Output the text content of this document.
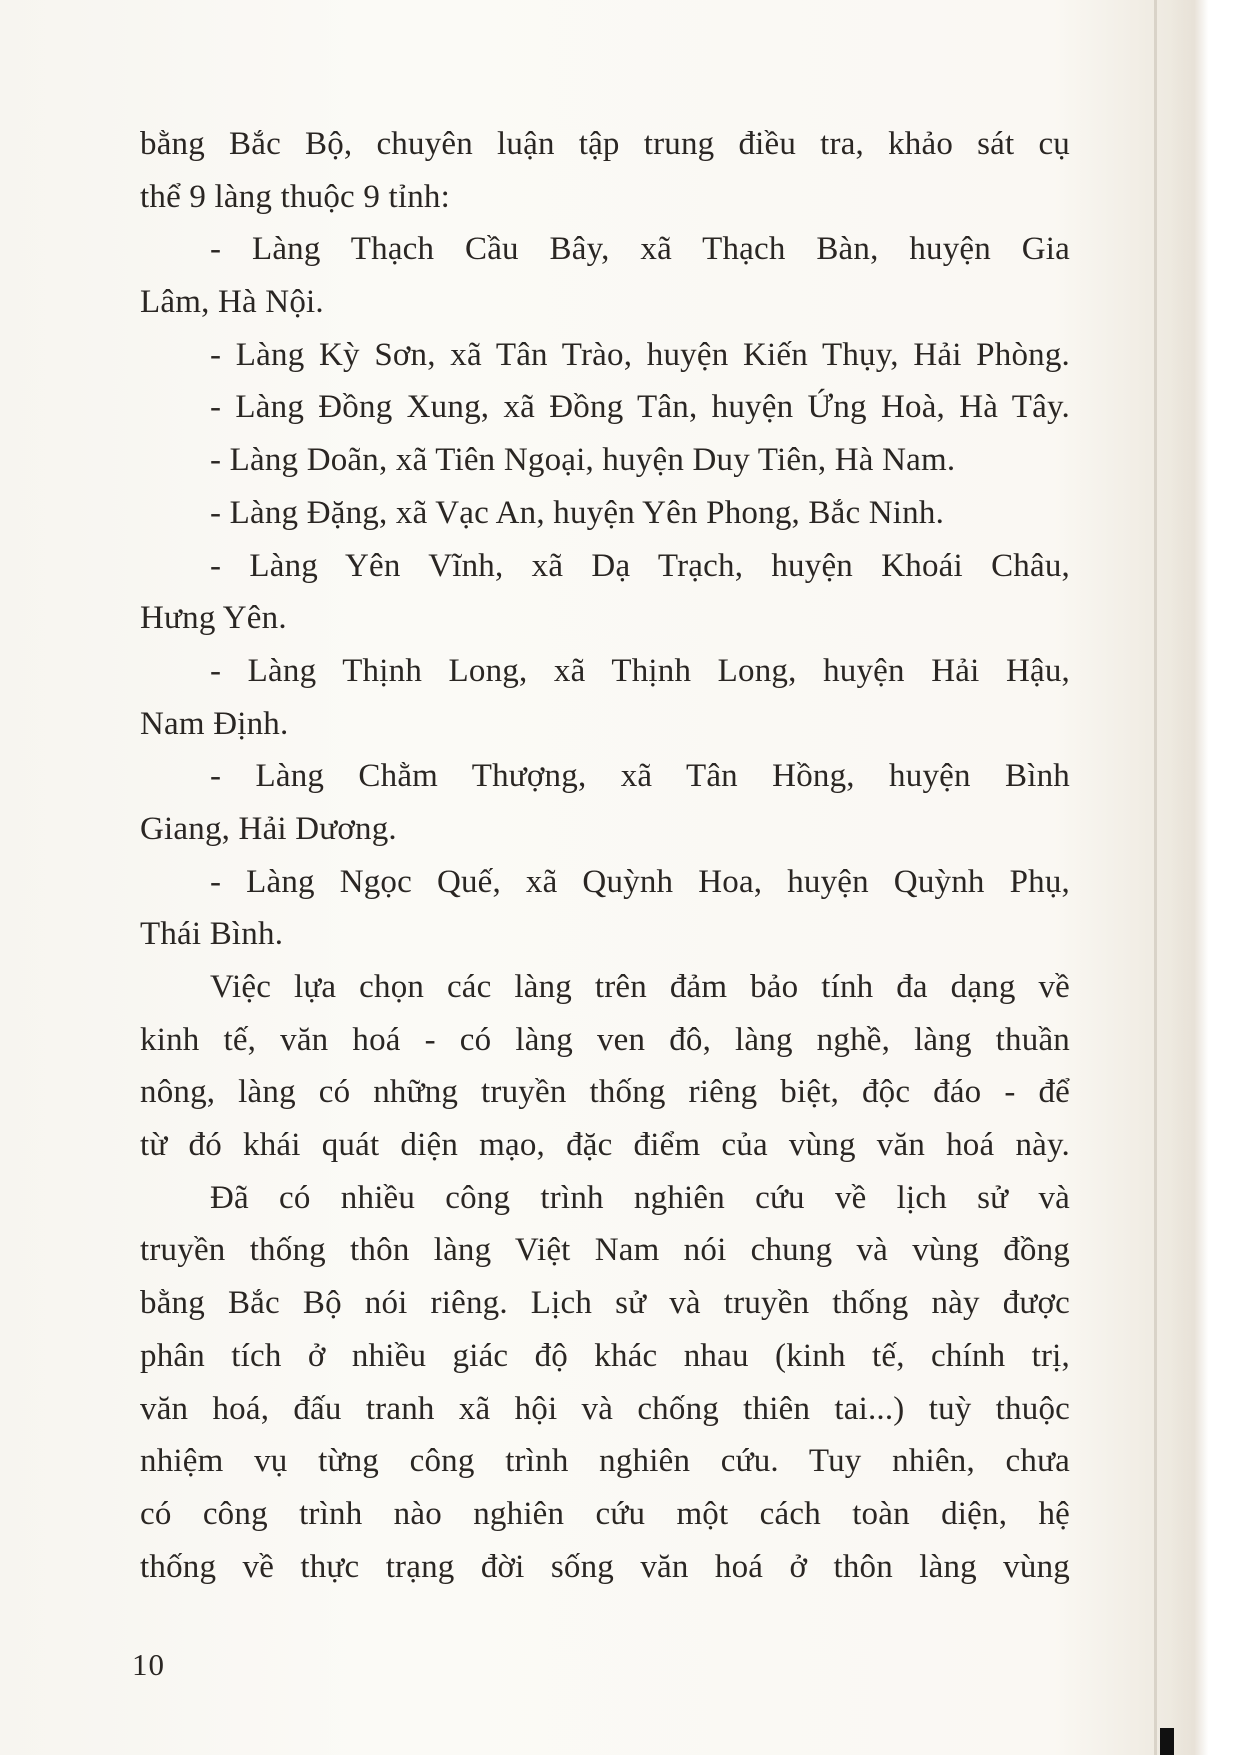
bằng Bắc Bộ, chuyên luận tập trung điều tra, khảo sát cụ
thể 9 làng thuộc 9 tỉnh:
- Làng Thạch Cầu Bây, xã Thạch Bàn, huyện Gia
Lâm, Hà Nội.
- Làng Kỳ Sơn, xã Tân Trào, huyện Kiến Thụy, Hải Phòng.
- Làng Đồng Xung, xã Đồng Tân, huyện Ứng Hoà, Hà Tây.
- Làng Doãn, xã Tiên Ngoại, huyện Duy Tiên, Hà Nam.
- Làng Đặng, xã Vạc An, huyện Yên Phong, Bắc Ninh.
- Làng Yên Vĩnh, xã Dạ Trạch, huyện Khoái Châu,
Hưng Yên.
- Làng Thịnh Long, xã Thịnh Long, huyện Hải Hậu,
Nam Định.
- Làng Chằm Thượng, xã Tân Hồng, huyện Bình
Giang, Hải Dương.
- Làng Ngọc Quế, xã Quỳnh Hoa, huyện Quỳnh Phụ,
Thái Bình.
Việc lựa chọn các làng trên đảm bảo tính đa dạng về
kinh tế, văn hoá - có làng ven đô, làng nghề, làng thuần
nông, làng có những truyền thống riêng biệt, độc đáo - để
từ đó khái quát diện mạo, đặc điểm của vùng văn hoá này.
Đã có nhiều công trình nghiên cứu về lịch sử và
truyền thống thôn làng Việt Nam nói chung và vùng đồng
bằng Bắc Bộ nói riêng. Lịch sử và truyền thống này được
phân tích ở nhiều giác độ khác nhau (kinh tế, chính trị,
văn hoá, đấu tranh xã hội và chống thiên tai...) tuỳ thuộc
nhiệm vụ từng công trình nghiên cứu. Tuy nhiên, chưa
có công trình nào nghiên cứu một cách toàn diện, hệ
thống về thực trạng đời sống văn hoá ở thôn làng vùng
10
